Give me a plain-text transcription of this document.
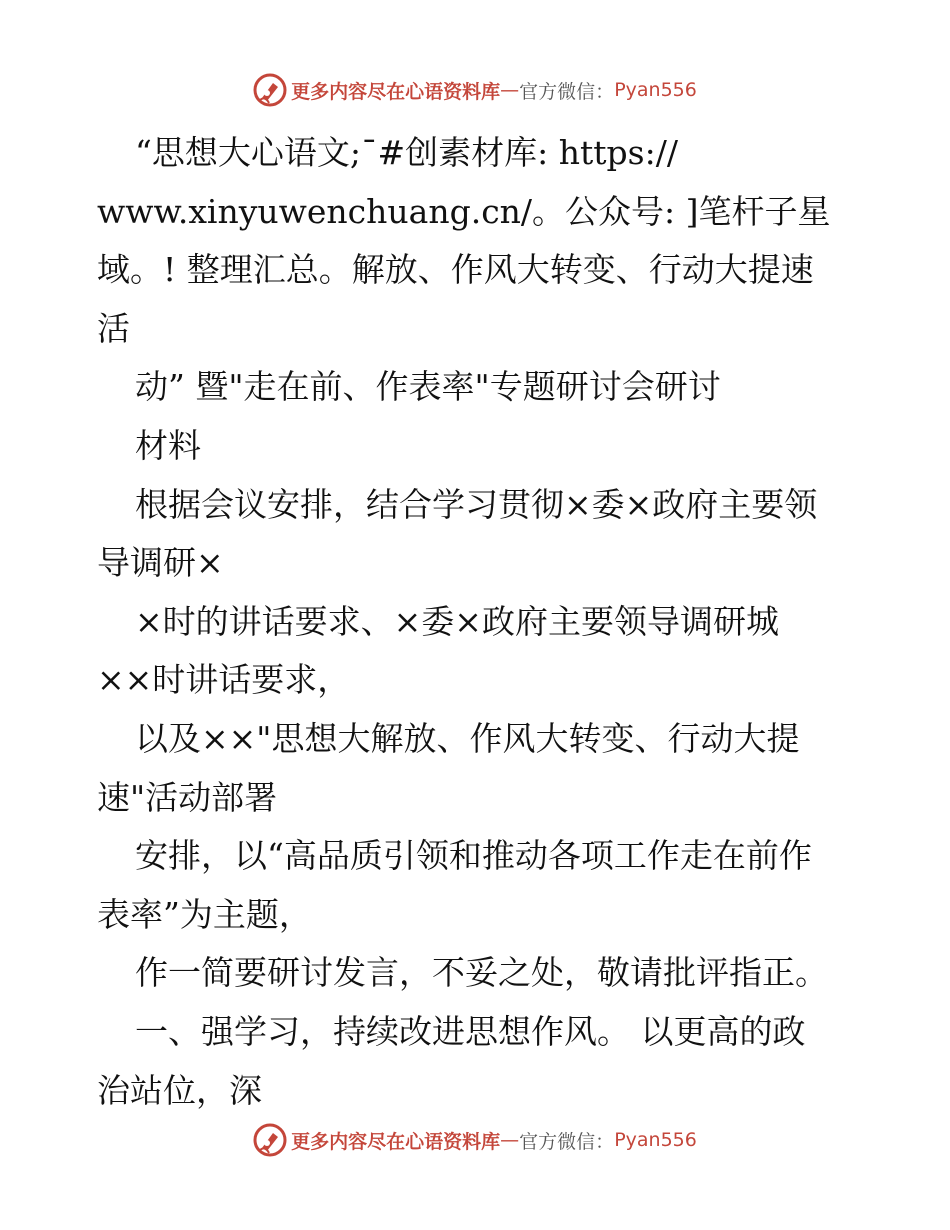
更多内容尽在心语资料库 — 官方微信： Pyan556
“思想大心语文;¯#创素材库: https://
www.xinyuwenchuang.cn/。公众号: ]笔杆子星
域。! 整理汇总。解放、作风大转变、行动大提速
活
动” 暨"走在前、作表率"专题研讨会研讨
材料
根据会议安排，结合学习贯彻×委×政府主要领
导调研×
×时的讲话要求、×委×政府主要领导调研城
××时讲话要求，
以及××"思想大解放、作风大转变、行动大提
速"活动部署
安排，以“高品质引领和推动各项工作走在前作
表率”为主题，
作一简要研讨发言，不妥之处，敬请批评指正。
一、强学习，持续改进思想作风。 以更高的政
治站位，深
更多内容尽在心语资料库 — 官方微信： Pyan556
